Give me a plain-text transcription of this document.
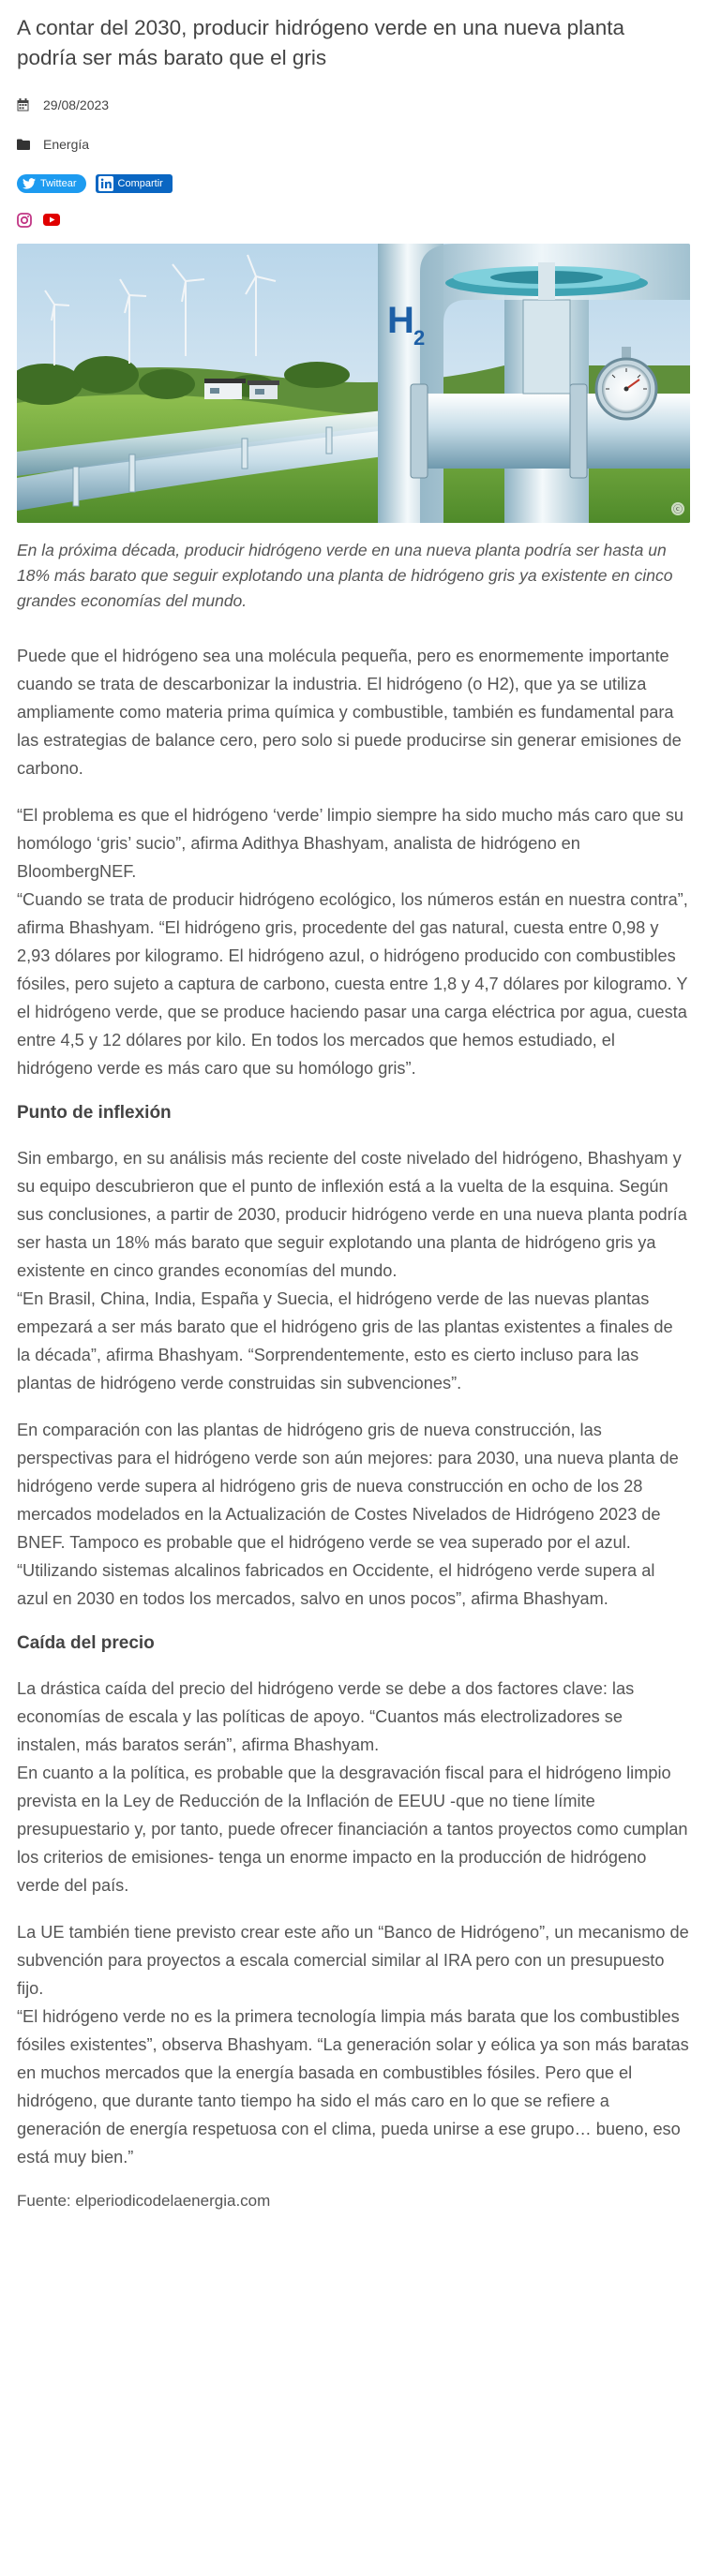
A contar del 2030, producir hidrógeno verde en una nueva planta podría ser más barato que el gris
29/08/2023
Energía
Twittear	Compartir
H 2
ⓒ
En la próxima década, producir hidrógeno verde en una nueva planta podría ser hasta un 18% más barato que seguir explotando una planta de hidrógeno gris ya existente en cinco grandes economías del mundo.

Puede que el hidrógeno sea una molécula pequeña, pero es enormemente importante cuando se trata de descarbonizar la industria. El hidrógeno (o H2), que ya se utiliza ampliamente como materia prima química y combustible, también es fundamental para las estrategias de balance cero, pero solo si puede producirse sin generar emisiones de carbono.

“El problema es que el hidrógeno ‘verde’ limpio siempre ha sido mucho más caro que su homólogo ‘gris’ sucio”, afirma Adithya Bhashyam, analista de hidrógeno en BloombergNEF.

“Cuando se trata de producir hidrógeno ecológico, los números están en nuestra contra”, afirma Bhashyam. “El hidrógeno gris, procedente del gas natural, cuesta entre 0,98 y 2,93 dólares por kilogramo. El hidrógeno azul, o hidrógeno producido con combustibles fósiles, pero sujeto a captura de carbono, cuesta entre 1,8 y 4,7 dólares por kilogramo. Y el hidrógeno verde, que se produce haciendo pasar una carga eléctrica por agua, cuesta entre 4,5 y 12 dólares por kilo. En todos los mercados que hemos estudiado, el hidrógeno verde es más caro que su homólogo gris”.

Punto de inflexión

Sin embargo, en su análisis más reciente del coste nivelado del hidrógeno, Bhashyam y su equipo descubrieron que el punto de inflexión está a la vuelta de la esquina. Según sus conclusiones, a partir de 2030, producir hidrógeno verde en una nueva planta podría ser hasta un 18% más barato que seguir explotando una planta de hidrógeno gris ya existente en cinco grandes economías del mundo.

“En Brasil, China, India, España y Suecia, el hidrógeno verde de las nuevas plantas empezará a ser más barato que el hidrógeno gris de las plantas existentes a finales de la década”, afirma Bhashyam. “Sorprendentemente, esto es cierto incluso para las plantas de hidrógeno verde construidas sin subvenciones”.

En comparación con las plantas de hidrógeno gris de nueva construcción, las perspectivas para el hidrógeno verde son aún mejores: para 2030, una nueva planta de hidrógeno verde supera al hidrógeno gris de nueva construcción en ocho de los 28 mercados modelados en la Actualización de Costes Nivelados de Hidrógeno 2023 de BNEF. Tampoco es probable que el hidrógeno verde se vea superado por el azul. “Utilizando sistemas alcalinos fabricados en Occidente, el hidrógeno verde supera al azul en 2030 en todos los mercados, salvo en unos pocos”, afirma Bhashyam.

Caída del precio

La drástica caída del precio del hidrógeno verde se debe a dos factores clave: las economías de escala y las políticas de apoyo. “Cuantos más electrolizadores se instalen, más baratos serán”, afirma Bhashyam.

En cuanto a la política, es probable que la desgravación fiscal para el hidrógeno limpio prevista en la Ley de Reducción de la Inflación de EEUU -que no tiene límite presupuestario y, por tanto, puede ofrecer financiación a tantos proyectos como cumplan los criterios de emisiones- tenga un enorme impacto en la producción de hidrógeno verde del país.

La UE también tiene previsto crear este año un “Banco de Hidrógeno”, un mecanismo de subvención para proyectos a escala comercial similar al IRA pero con un presupuesto fijo.

“El hidrógeno verde no es la primera tecnología limpia más barata que los combustibles fósiles existentes”, observa Bhashyam. “La generación solar y eólica ya son más baratas en muchos mercados que la energía basada en combustibles fósiles. Pero que el hidrógeno, que durante tanto tiempo ha sido el más caro en lo que se refiere a generación de energía respetuosa con el clima, pueda unirse a ese grupo… bueno, eso está muy bien.”

Fuente: elperiodicodelaenergia.com
